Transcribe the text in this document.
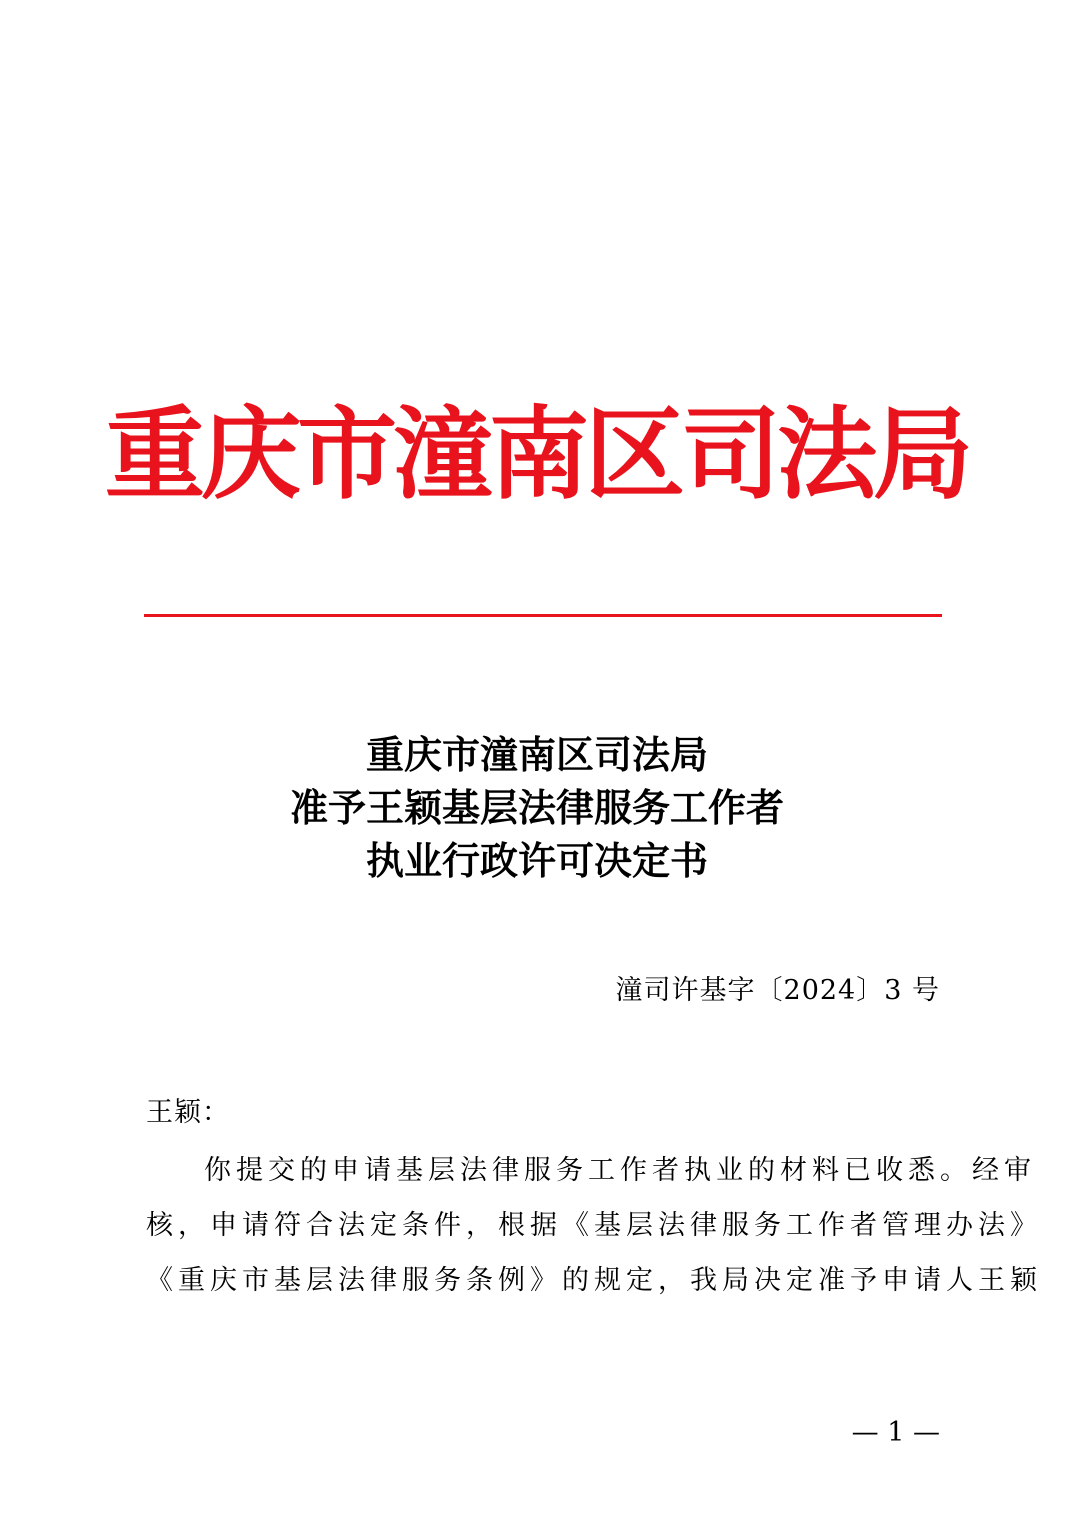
重庆市潼南区司法局
重庆市潼南区司法局
准予王颖基层法律服务工作者
执业行政许可决定书
潼司许基字〔2024〕3 号
王颖：
你提交的申请基层法律服务工作者执业的材料已收悉。经审
核，申请符合法定条件，根据《基层法律服务工作者管理办法》
《重庆市基层法律服务条例》的规定，我局决定准予申请人王颖
— 1 —
